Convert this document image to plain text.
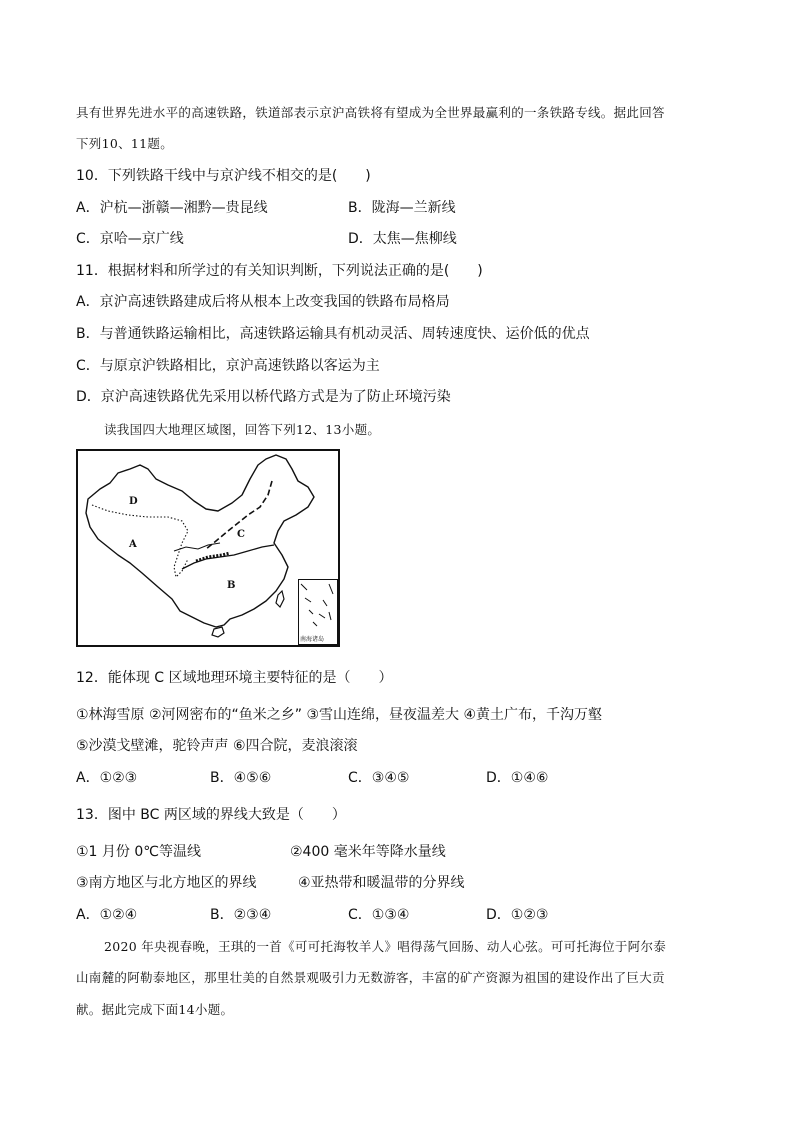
具有世界先进水平的高速铁路，铁道部表示京沪高铁将有望成为全世界最赢利的一条铁路专线。据此回答
下列10、11题。
10．下列铁路干线中与京沪线不相交的是(　　)
A．沪杭—浙赣—湘黔—贵昆线	B．陇海—兰新线
C．京哈—京广线	D．太焦—焦柳线
11．根据材料和所学过的有关知识判断，下列说法正确的是(　　)
A．京沪高速铁路建成后将从根本上改变我国的铁路布局格局
B．与普通铁路运输相比，高速铁路运输具有机动灵活、周转速度快、运价低的优点
C．与原京沪铁路相比，京沪高速铁路以客运为主
D．京沪高速铁路优先采用以桥代路方式是为了防止环境污染
读我国四大地理区域图，回答下列12、13小题。
D
A
C
B
南海诸岛
12．能体现 C 区域地理环境主要特征的是（　　）
①林海雪原 ②河网密布的“鱼米之乡” ③雪山连绵，昼夜温差大 ④黄土广布，千沟万壑
⑤沙漠戈壁滩，驼铃声声 ⑥四合院，麦浪滚滚
A．①②③	B．④⑤⑥	C．③④⑤	D．①④⑥
13．图中 BC 两区域的界线大致是（　　）
①1 月份 0℃等温线	②400 毫米年等降水量线
③南方地区与北方地区的界线	④亚热带和暖温带的分界线
A．①②④	B．②③④	C．①③④	D．①②③
2020 年央视春晚，王琪的一首《可可托海牧羊人》唱得荡气回肠、动人心弦。可可托海位于阿尔泰
山南麓的阿勒泰地区，那里壮美的自然景观吸引力无数游客，丰富的矿产资源为祖国的建设作出了巨大贡
献。据此完成下面14小题。
